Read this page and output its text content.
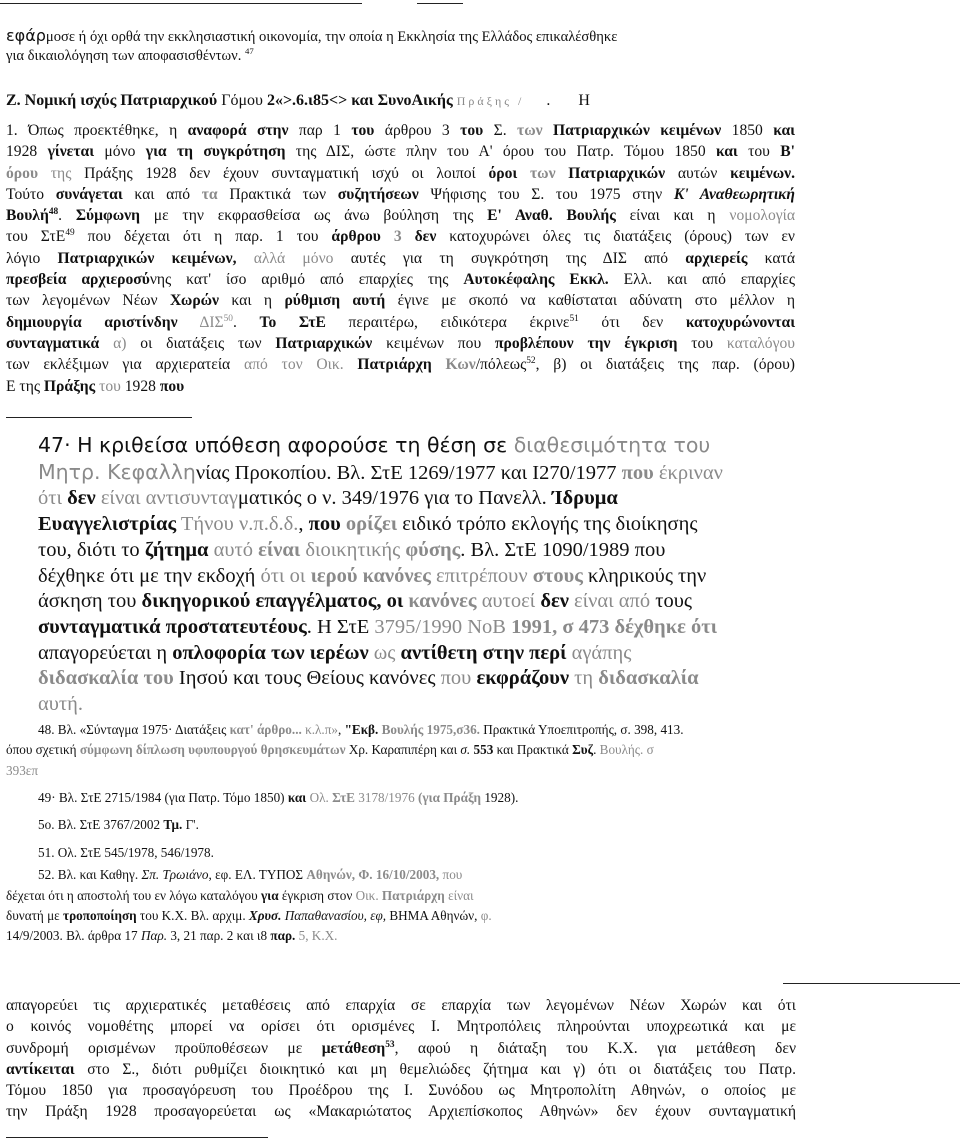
εφάρμοσε ή όχι ορθά την εκκλησιαστική οικονομία, την οποία η Εκκλησία της Ελλάδος επικαλέσθηκε
για δικαιολόγηση των αποφασισθέντων. $^{47}$
Ζ. Νομική ισχύς Πατριαρχικού Γόμου 2«>.6.ι85<> και ΣυνοΑικής Πράξης / . Η

1. Όπως προεκτέθηκε, η αναφορά στην παρ 1 του άρθρου 3 του Σ. των Πατριαρχικών κειμένων 1850 και

1928 γίνεται μόνο για τη συγκρότηση της ΔΙΣ, ώστε πλην του Α' όρου του Πατρ. Τόμου 1850 και του Β'

όρου της Πράξης 1928 δεν έχουν συνταγματική ισχύ οι λοιποί όροι των Πατριαρχικών αυτών κειμένων.

Τούτο συνάγεται και από τα Πρακτικά των συζητήσεων Ψήφισης του Σ. του 1975 στην Κ' Αναθεωρητική

Βουλή$^{48}$. Σύμφωνη με την εκφρασθείσα ως άνω βούληση της Ε' Αναθ. Βουλής είναι και η νομολογία

του ΣτΕ$^{49}$ που δέχεται ότι η παρ. 1 του άρθρου 3 δεν κατοχυρώνει όλες τις διατάξεις (όρους) των εν

λόγιο Πατριαρχικών κειμένων, αλλά μόνο αυτές για τη συγκρότηση της ΔΙΣ από αρχιερείς κατά

πρεσβεία αρχιεροσύνης κατ' ίσο αριθμό από επαρχίες της Αυτοκέφαλης Εκκλ. Ελλ. και από επαρχίες

των λεγομένων Νέων Χωρών και η ρύθμιση αυτή έγινε με σκοπό να καθίσταται αδύνατη στο μέλλον η

δημιουργία αριστίνδην ΔΙΣ$^{50}$. Το ΣτΕ περαιτέρω, ειδικότερα έκρινε$^{51}$ ότι δεν κατοχυρώνονται

συνταγματικά α) οι διατάξεις των Πατριαρχικών κειμένων που προβλέπουν την έγκριση του καταλόγου

των εκλέξιμων για αρχιερατεία από τον Οικ. Πατριάρχη Κων/πόλεως$^{52}$, β) οι διατάξεις της παρ. (όρου)

Ε της Πράξης του 1928 που

47· Η κριθείσα υπόθεση αφορούσε τη θέση σε διαθεσιμότητα του
Μητρ. Κεφαλληνίας Προκοπίου. Βλ. ΣτΕ 1269/1977 και Ι270/1977 που έκριναν
ότι δεν είναι αντισυνταγματικός ο ν. 349/1976 για το Πανελλ. Ίδρυμα
Ευαγγελιστρίας Τήνου ν.π.δ.δ., που ορίζει ειδικό τρόπο εκλογής της διοίκησης
του, διότι το ζήτημα αυτό είναι διοικητικής φύσης. Βλ. ΣτΕ 1090/1989 που
δέχθηκε ότι με την εκδοχή ότι οι ιερού κανόνες επιτρέπουν στους κληρικούς την
άσκηση του δικηγορικού επαγγέλματος, οι κανόνες αυτοεί δεν είναι από τους
συνταγματικά προστατευτέους. Η ΣτΕ 3795/1990 NoB 1991, σ 473 δέχθηκε ότι
απαγορεύεται η οπλοφορία των ιερέων ως αντίθετη στην περί αγάπης
διδασκαλία του Ιησού και τους Θείους κανόνες που εκφράζουν τη διδασκαλία
αυτή.
48. Βλ. «Σύνταγμα 1975· Διατάξεις κατ' άρθρο... κ.λ.π», "Εκβ. Βουλής 1975,σ36. Πρακτικά Υποεπιτροπής, σ. 398, 413.
όπου σχετική σύμφωνη δίπλωση υφυπουργού θρησκευμάτων Χρ. Καραπιπέρη και σ. 553 και Πρακτικά Συζ. Βουλής. σ
393επ
49· Βλ. ΣτΕ 2715/1984 (για Πατρ. Τόμο 1850) και Ολ. ΣτΕ 3178/1976 (για Πράξη 1928).
5ο. Βλ. ΣτΕ 3767/2002 Τμ. Γ'.
51. Ολ. ΣτΕ 545/1978, 546/1978.
52. Βλ. και Καθηγ. Σπ. Τρωιάνο, εφ. ΕΛ. ΤΥΠΟΣ Αθηνών, Φ. 16/10/2003, που
δέχεται ότι η αποστολή του εν λόγω καταλόγου για έγκριση στον Οικ. Πατριάρχη είναι
δυνατή με τροποποίηση του Κ.Χ. Βλ. αρχιμ. Χρυσ. Παπαθανασίου, εφ, ΒΗΜΑ Αθηνών, φ.
14/9/2003. Βλ. άρθρα 17 Παρ. 3, 21 παρ. 2 και ι8 παρ. 5, Κ.Χ.

απαγορεύει τις αρχιερατικές μεταθέσεις από επαρχία σε επαρχία των λεγομένων Νέων Χωρών και ότι

ο κοινός νομοθέτης μπορεί να ορίσει ότι ορισμένες Ι. Μητροπόλεις πληρούνται υποχρεωτικά και με

συνδρομή ορισμένων προϋποθέσεων με μετάθεση$^{53}$, αφού η διάταξη του Κ.Χ. για μετάθεση δεν

αντίκειται στο Σ., διότι ρυθμίζει διοικητικό και μη θεμελιώδες ζήτημα και γ) ότι οι διατάξεις του Πατρ.

Τόμου 1850 για προσαγόρευση του Προέδρου της Ι. Συνόδου ως Μητροπολίτη Αθηνών, ο οποίος με

την Πράξη 1928 προσαγορεύεται ως «Μακαριώτατος Αρχιεπίσκοπος Αθηνών» δεν έχουν συνταγματική
